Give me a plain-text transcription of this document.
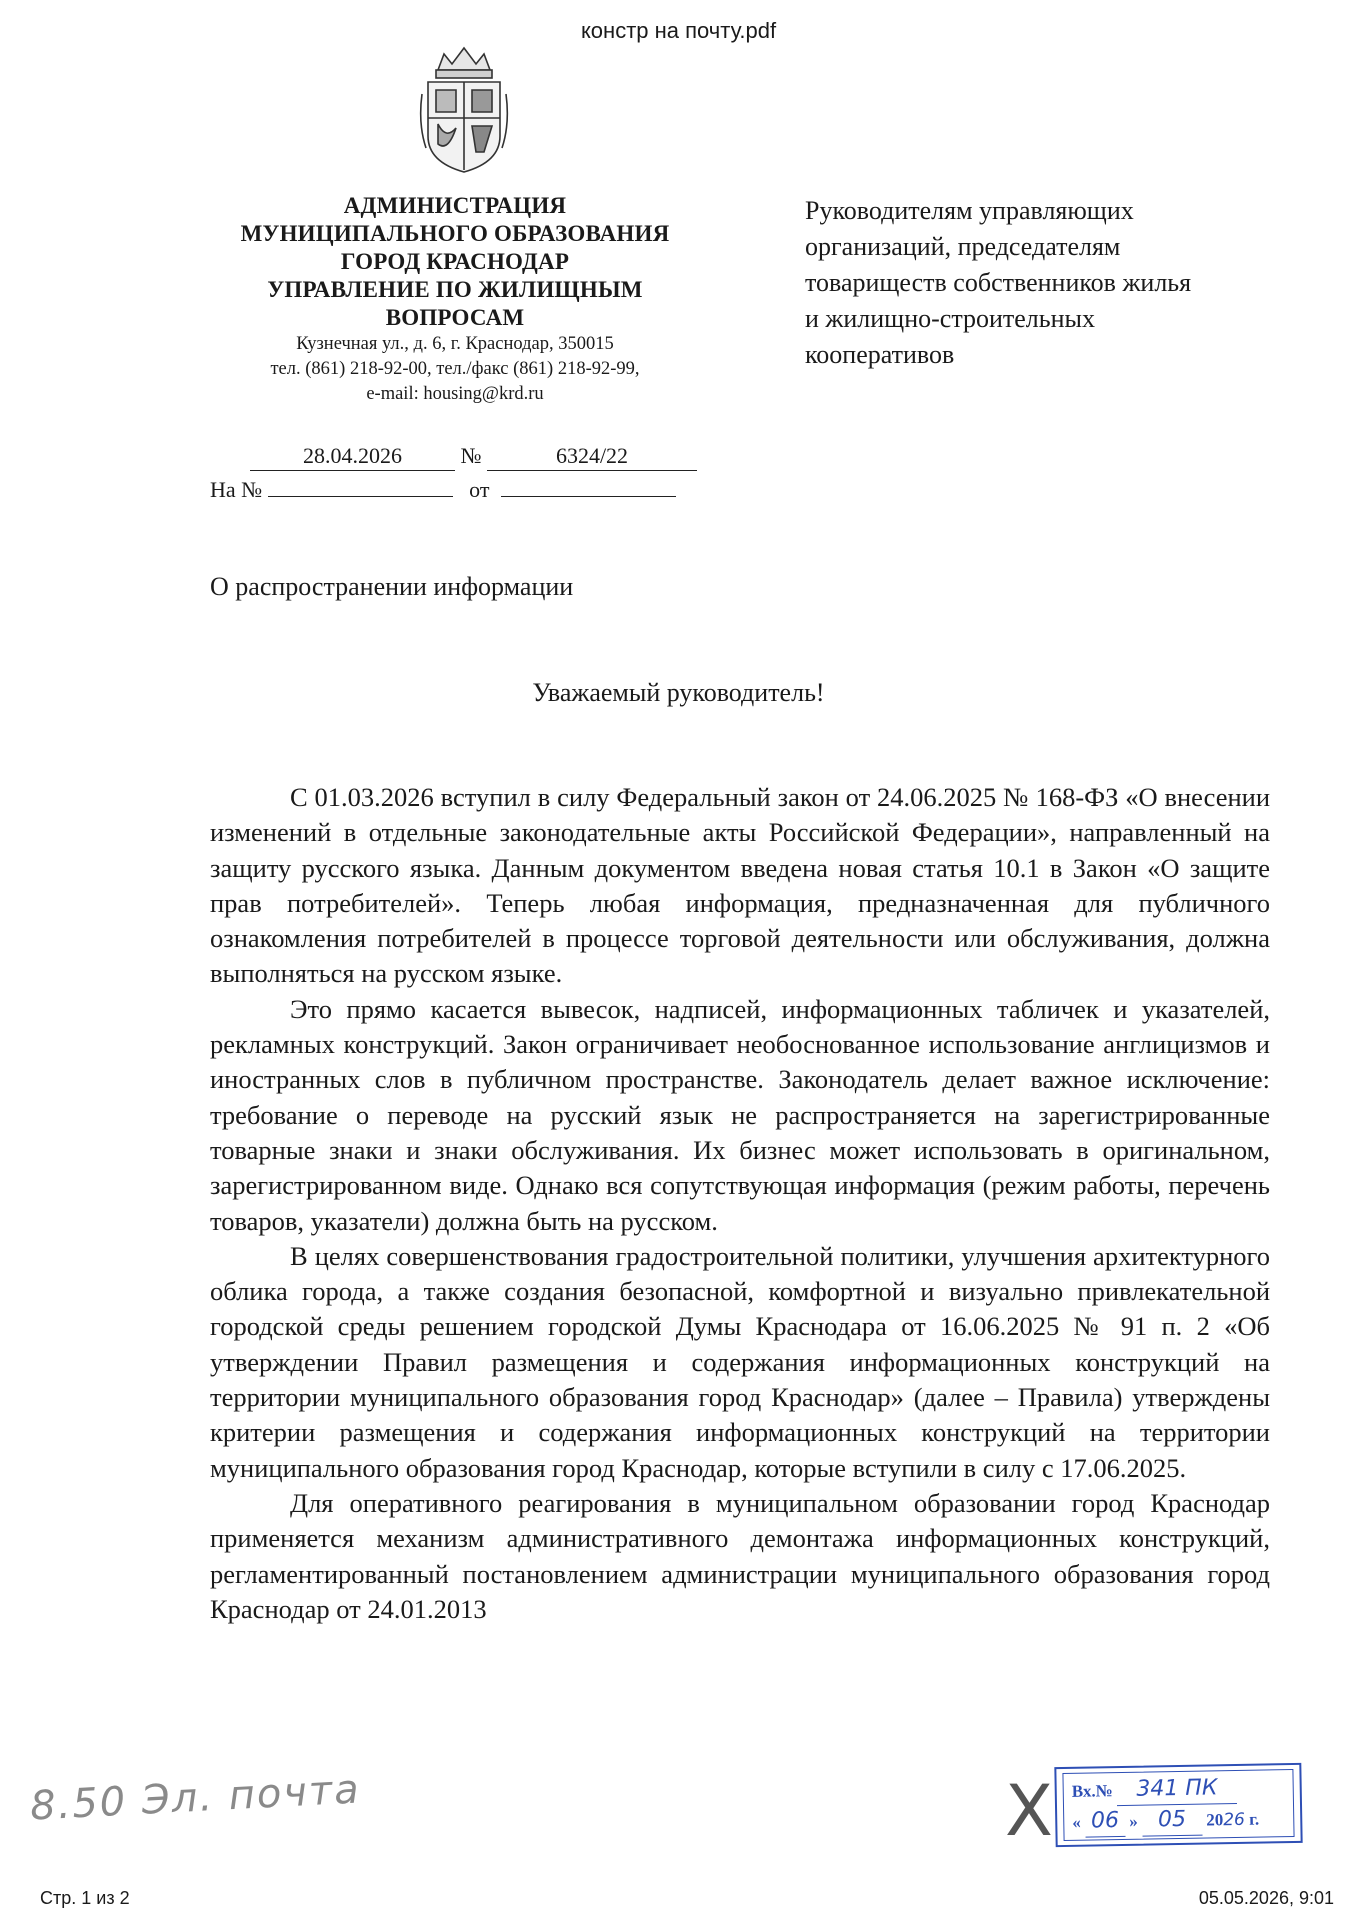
констр на почту.pdf
АДМИНИСТРАЦИЯ
МУНИЦИПАЛЬНОГО ОБРАЗОВАНИЯ
ГОРОД КРАСНОДАР
УПРАВЛЕНИЕ ПО ЖИЛИЩНЫМ
ВОПРОСАМ
Кузнечная ул., д. 6, г. Краснодар, 350015
тел. (861) 218-92-00, тел./факс (861) 218-92-99,
e-mail: housing@krd.ru
Руководителям управляющих
организаций, председателям
товариществ собственников жилья
и жилищно-строительных
кооперативов
28.04.2026	№	6324/22
На №	от
О распространении информации
Уважаемый руководитель!

С 01.03.2026 вступил в силу Федеральный закон от 24.06.2025 № 168-ФЗ «О внесении изменений в отдельные законодательные акты Российской Федерации», направленный на защиту русского языка. Данным документом введена новая статья 10.1 в Закон «О защите прав потребителей». Теперь любая информация, предназначенная для публичного ознакомления потребителей в процессе торговой деятельности или обслуживания, должна выполняться на русском языке.

Это прямо касается вывесок, надписей, информационных табличек и указателей, рекламных конструкций. Закон ограничивает необоснованное использование англицизмов и иностранных слов в публичном пространстве. Законодатель делает важное исключение: требование о переводе на русский язык не распространяется на зарегистрированные товарные знаки и знаки обслуживания. Их бизнес может использовать в оригинальном, зарегистрированном виде. Однако вся сопутствующая информация (режим работы, перечень товаров, указатели) должна быть на русском.

В целях совершенствования градостроительной политики, улучшения архитектурного облика города, а также создания безопасной, комфортной и визуально привлекательной городской среды решением городской Думы Краснодара от 16.06.2025 № 91 п. 2 «Об утверждении Правил размещения и содержания информационных конструкций на территории муниципального образования город Краснодар» (далее – Правила) утверждены критерии размещения и содержания информационных конструкций на территории муниципального образования город Краснодар, которые вступили в силу с 17.06.2025.

Для оперативного реагирования в муниципальном образовании город Краснодар применяется механизм административного демонтажа информационных конструкций, регламентированный постановлением администрации муниципального образования город Краснодар от 24.01.2013

8.50 Эл. почта	X Вх.№ 341 ПК
« 06 » 05 2026 г.
Стр. 1 из 2	05.05.2026, 9:01
